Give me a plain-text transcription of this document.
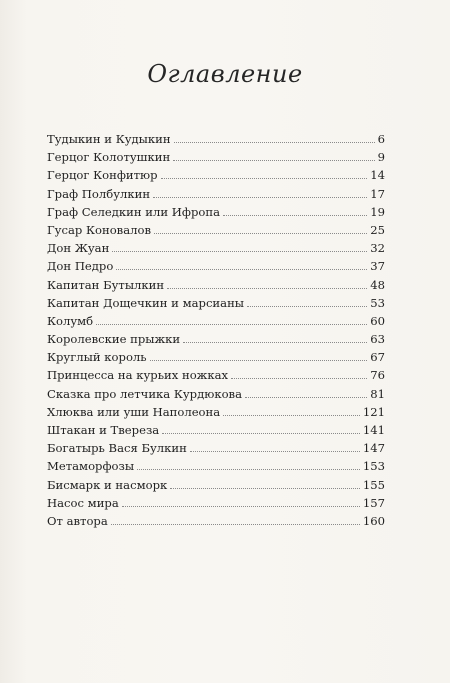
Оглавление
Тудыкин и Кудыкин	6
Герцог Колотушкин	9
Герцог Конфитюр	14
Граф Полбулкин	17
Граф Селедкин или Ифропа	19
Гусар Коновалов	25
Дон Жуан	32
Дон Педро	37
Капитан Бутылкин	48
Капитан Дощечкин и марсианы	53
Колумб	60
Королевские прыжки	63
Круглый король	67
Принцесса на курьих ножках	76
Сказка про летчика Курдюкова	81
Хлюква или уши Наполеона	121
Штакан и Твереза	141
Богатырь Вася Булкин	147
Метаморфозы	153
Бисмарк и насморк	155
Насос мира	157
От автора	160
